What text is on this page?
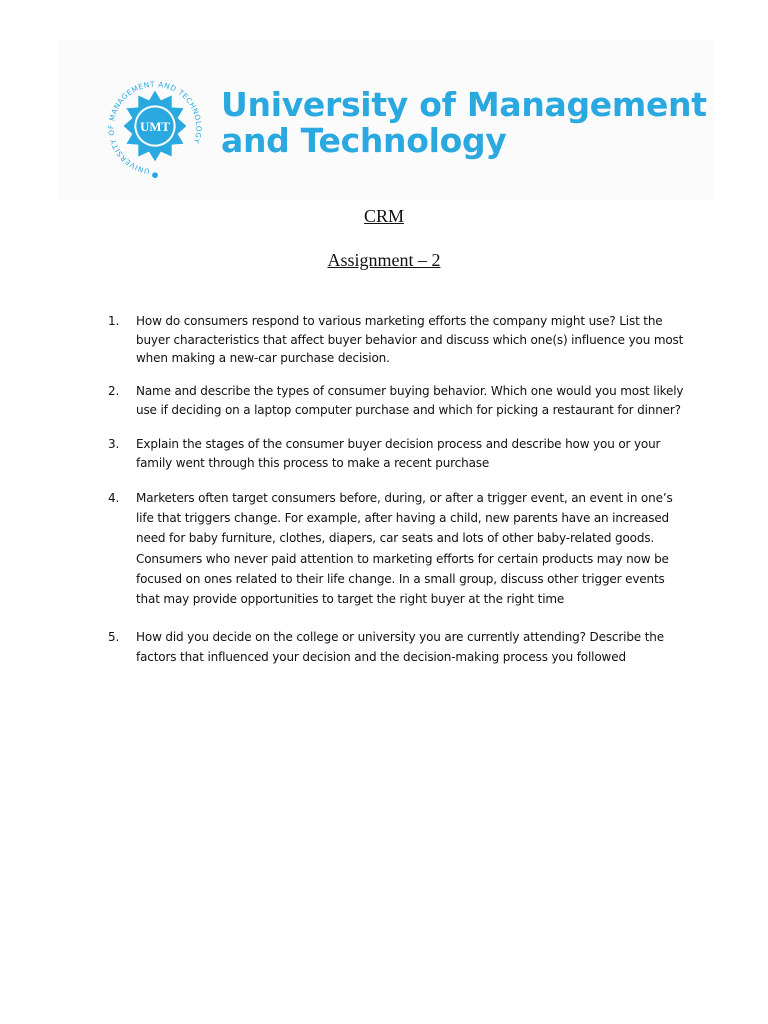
UMT
UNIVERSITY OF MANAGEMENT AND TECHNOLOGY
University of Management
and Technology
CRM
Assignment – 2
1.	How do consumers respond to various marketing efforts the company might use? List the buyer characteristics that affect buyer behavior and discuss which one(s) influence you most when making a new-car purchase decision.
2.	Name and describe the types of consumer buying behavior. Which one would you most likely use if deciding on a laptop computer purchase and which for picking a restaurant for dinner?
3.	Explain the stages of the consumer buyer decision process and describe how you or your family went through this process to make a recent purchase
4.	Marketers often target consumers before, during, or after a trigger event, an event in one’s life that triggers change. For example, after having a child, new parents have an increased need for baby furniture, clothes, diapers, car seats and lots of other baby-related goods. Consumers who never paid attention to marketing efforts for certain products may now be focused on ones related to their life change. In a small group, discuss other trigger events that may provide opportunities to target the right buyer at the right time
5.	How did you decide on the college or university you are currently attending? Describe the factors that influenced your decision and the decision-making process you followed
